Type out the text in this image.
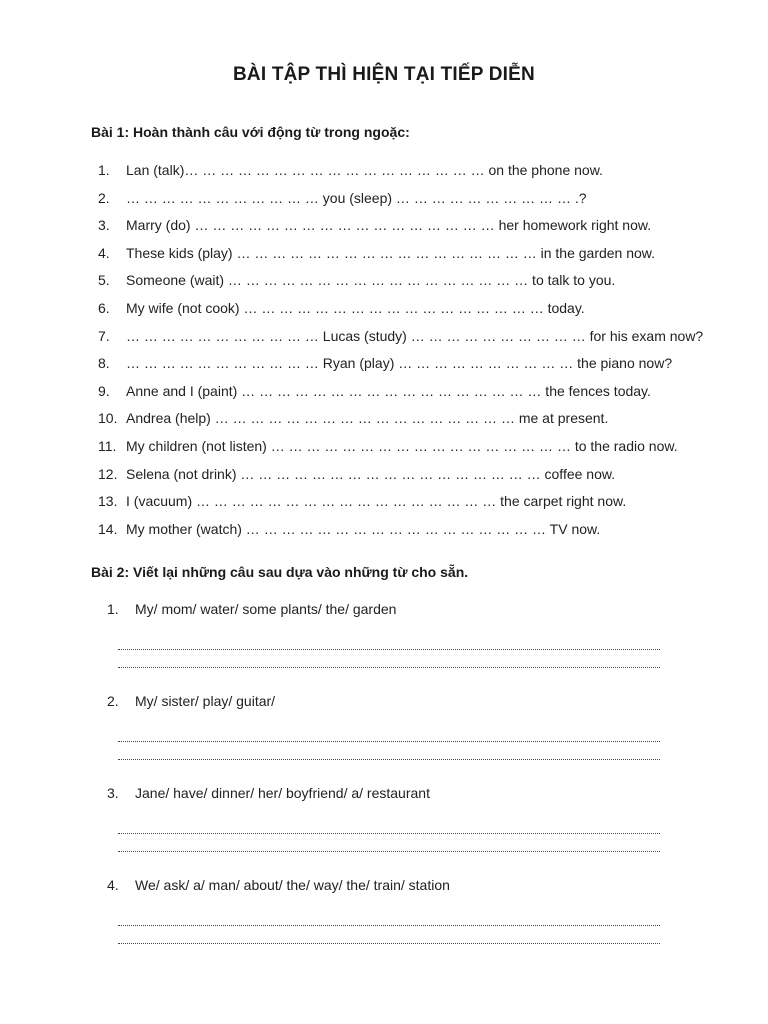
BÀI TẬP THÌ HIỆN TẠI TIẾP DIỄN
Bài 1: Hoàn thành câu với động từ trong ngoặc:
1.	Lan (talk)… … … … … … … … … … … … … … … … … on the phone now.
2.	… … … … … … … … … … … you (sleep) … … … … … … … … … … .?
3.	Marry (do) … … … … … … … … … … … … … … … … … her homework right now.
4.	These kids (play) … … … … … … … … … … … … … … … … … in the garden now.
5.	Someone (wait) … … … … … … … … … … … … … … … … … to talk to you.
6.	My wife (not cook) … … … … … … … … … … … … … … … … … today.
7.	… … … … … … … … … … … Lucas (study) … … … … … … … … … … for his exam now?
8.	… … … … … … … … … … … Ryan (play) … … … … … … … … … … the piano now?
9.	Anne and I (paint) … … … … … … … … … … … … … … … … … the fences today.
10. Andrea (help) … … … … … … … … … … … … … … … … … me at present.
11. My children (not listen) … … … … … … … … … … … … … … … … … to the radio now.
12. Selena (not drink) … … … … … … … … … … … … … … … … … coffee now.
13. I (vacuum) … … … … … … … … … … … … … … … … … the carpet right now.
14. My mother (watch) … … … … … … … … … … … … … … … … … TV now.
Bài 2: Viết lại những câu sau dựa vào những từ cho sẵn.
1. My/ mom/ water/ some plants/ the/ garden
2. My/ sister/ play/ guitar/
3. Jane/ have/ dinner/ her/ boyfriend/ a/ restaurant
4. We/ ask/ a/ man/ about/ the/ way/ the/ train/ station
